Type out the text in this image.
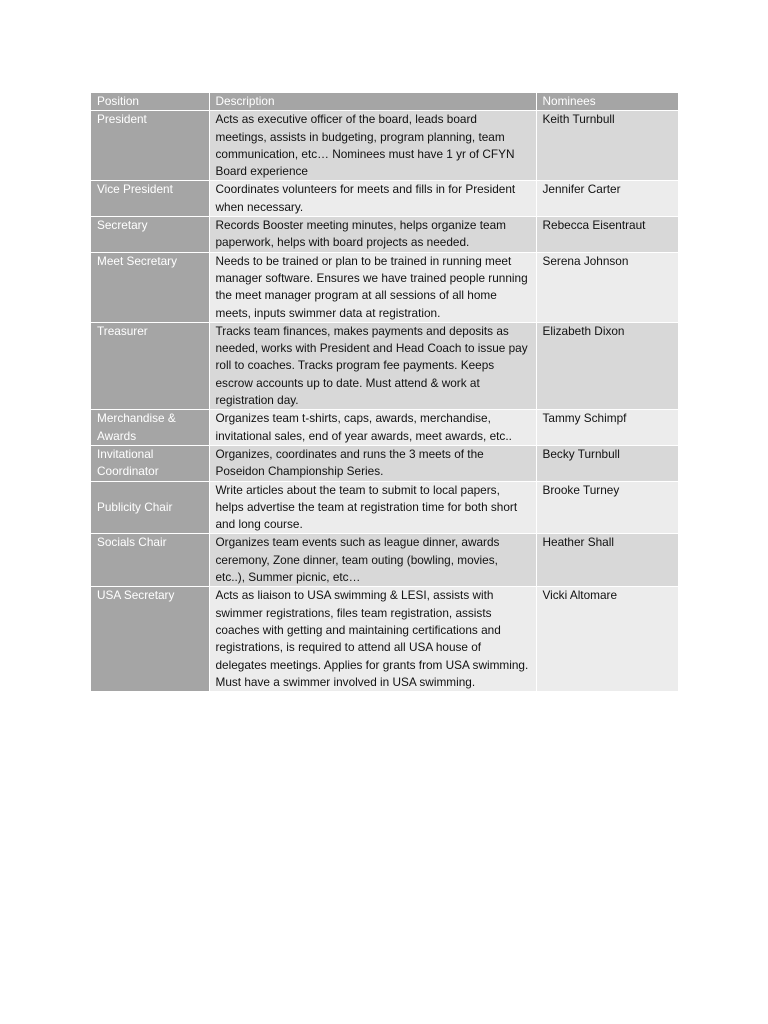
Position	Description	Nominees
President	Acts as executive officer of the board, leads board meetings, assists in budgeting, program planning, team communication, etc… Nominees must have 1 yr of CFYN Board experience	Keith Turnbull
Vice President	Coordinates volunteers for meets and fills in for President when necessary.	Jennifer Carter
Secretary	Records Booster meeting minutes, helps organize team paperwork, helps with board projects as needed.	Rebecca Eisentraut
Meet Secretary	Needs to be trained or plan to be trained in running meet manager software. Ensures we have trained people running the meet manager program at all sessions of all home meets, inputs swimmer data at registration.	Serena Johnson
Treasurer	Tracks team finances, makes payments and deposits as needed, works with President and Head Coach to issue pay roll to coaches. Tracks program fee payments. Keeps escrow accounts up to date. Must attend & work at registration day.	Elizabeth Dixon
Merchandise & Awards	Organizes team t-shirts, caps, awards, merchandise, invitational sales, end of year awards, meet awards, etc..	Tammy Schimpf
Invitational Coordinator	Organizes, coordinates and runs the 3 meets of the Poseidon Championship Series.	Becky Turnbull
Publicity Chair	Write articles about the team to submit to local papers, helps advertise the team at registration time for both short and long course.	Brooke Turney
Socials Chair	Organizes team events such as league dinner, awards ceremony, Zone dinner, team outing (bowling, movies, etc..), Summer picnic, etc…	Heather Shall
USA Secretary	Acts as liaison to USA swimming & LESI, assists with swimmer registrations, files team registration, assists coaches with getting and maintaining certifications and registrations, is required to attend all USA house of delegates meetings. Applies for grants from USA swimming. Must have a swimmer involved in USA swimming.	Vicki Altomare
